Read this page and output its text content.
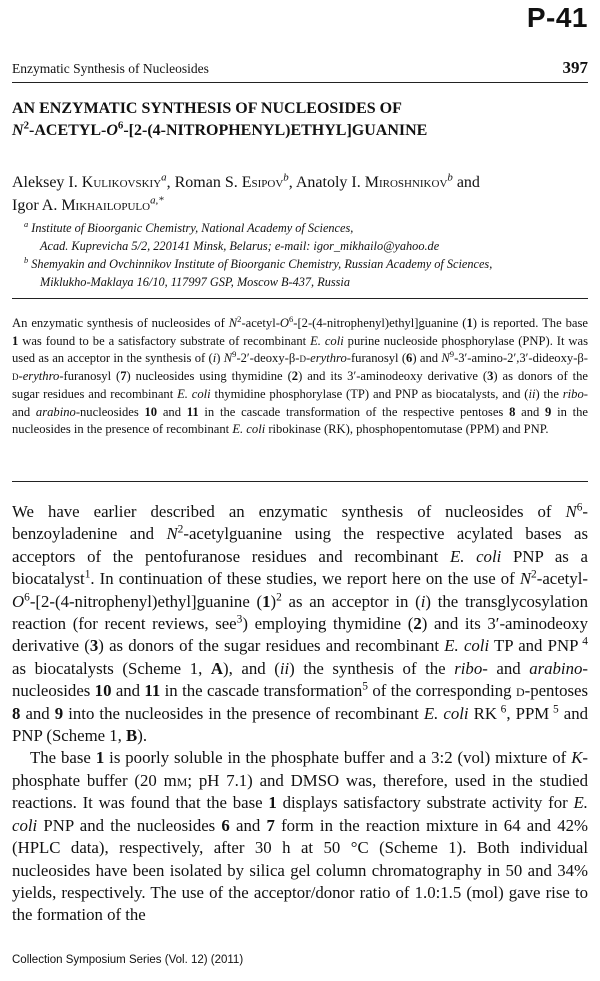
P-41
Enzymatic Synthesis of Nucleosides	397
AN ENZYMATIC SYNTHESIS OF NUCLEOSIDES OF
$N^2-ACETYL-O^6-[2-(4-NITROPHENYL)ETHYL]GUANINE$

Aleksey I. Kulikovskiy$^a$, Roman S. Esipov$^b$, Anatoly I. Miroshnikov$^b$ and
Igor A. Mikhailopulo$^{a,*}$

$^a$ Institute of Bioorganic Chemistry, National Academy of Sciences,
Acad. Kuprevicha 5/2, 220141 Minsk, Belarus; e-mail: igor_mikhailo@yahoo.de
$^b$ Shemyakin and Ovchinnikov Institute of Bioorganic Chemistry, Russian Academy of Sciences,
Miklukho-Maklaya 16/10, 117997 GSP, Moscow B-437, Russia

An enzymatic synthesis of nucleosides of $N^2-acetyl-O^6-[2-(4-nitrophenyl)ethyl]guanine$ (1) is reported. The base 1 was found to be a satisfactory substrate of recombinant E. coli purine nucleoside phosphorylase (PNP). It was used as an acceptor in the synthesis of (i) $N^9-2'-deoxy-\beta-d-erythro$-furanosyl (6) and $N^9-3'-amino-2',3'-dideoxy-\beta-d-erythro$-furanosyl (7) nucleosides using thymidine (2) and its 3′-aminodeoxy derivative (3) as donors of the sugar residues and recombinant E. coli thymidine phosphorylase (TP) and PNP as biocatalysts, and (ii) the ribo- and arabino-nucleosides 10 and 11 in the cascade transformation of the respective pentoses 8 and 9 in the nucleosides in the presence of recombinant E. coli ribokinase (RK), phosphopentomutase (PPM) and PNP.

We have earlier described an enzymatic synthesis of nucleosides of $N^6$-benzoyladenine and $N^2$-acetylguanine using the respective acylated bases as acceptors of the pentofuranose residues and recombinant E. coli PNP as a biocatalyst$^1$. In continuation of these studies, we report here on the use of $N^2-acetyl-O^6-[2-(4-nitrophenyl)ethyl]guanine$ $(1)^2$ as an acceptor in (i) the transglycosylation reaction (for recent reviews, see$^3$) employing thymidine (2) and its 3′-aminodeoxy derivative (3) as donors of the sugar residues and recombinant E. coli TP and PNP $^4$ as biocatalysts (Scheme 1, A), and (ii) the synthesis of the ribo- and arabino-nucleosides 10 and 11 in the cascade transformation$^5$ of the corresponding d-pentoses 8 and 9 into the nucleosides in the presence of recombinant E. coli RK $^6$, PPM $^5$ and PNP (Scheme 1, B).

The base 1 is poorly soluble in the phosphate buffer and a 3:2 (vol) mixture of K-phosphate buffer (20 mm; pH 7.1) and DMSO was, therefore, used in the studied reactions. It was found that the base 1 displays satisfactory substrate activity for E. coli PNP and the nucleosides 6 and 7 form in the reaction mixture in 64 and 42% (HPLC data), respectively, after 30 h at 50 °C (Scheme 1). Both individual nucleosides have been isolated by silica gel column chromatography in 50 and 34% yields, respectively. The use of the acceptor/donor ratio of 1.0:1.5 (mol) gave rise to the formation of the

Collection Symposium Series (Vol. 12) (2011)
